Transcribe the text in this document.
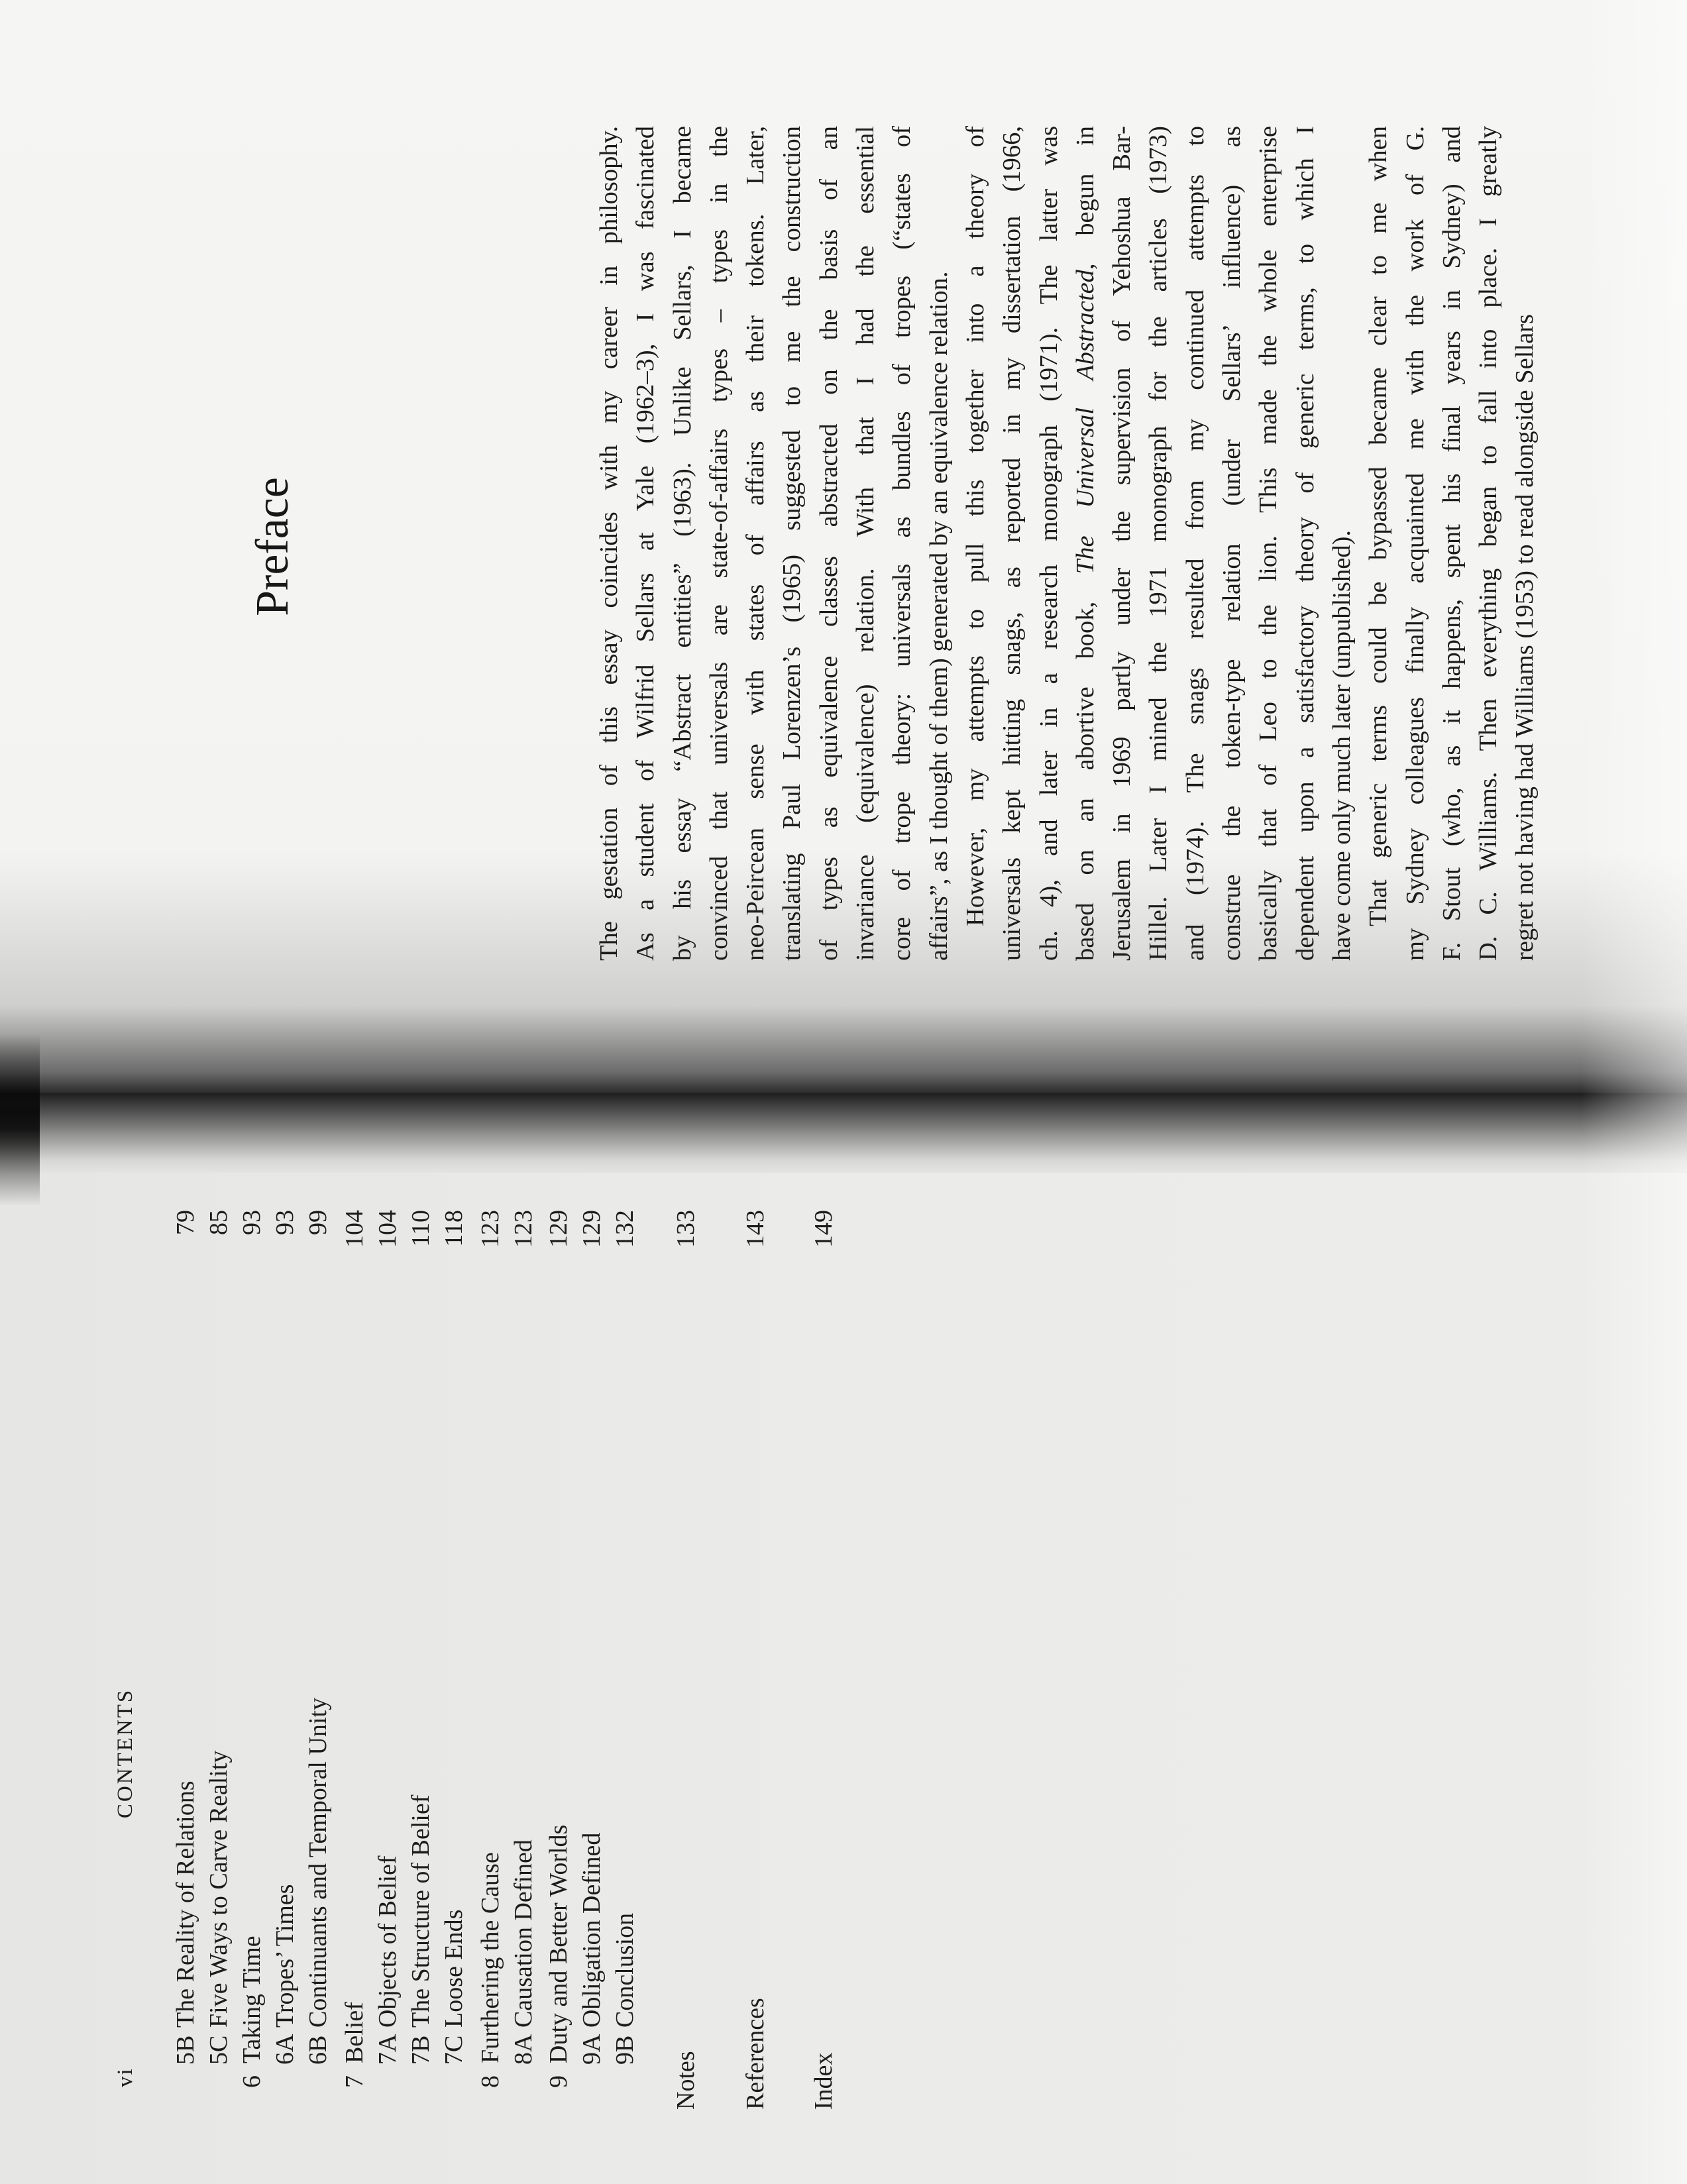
Preface	The gestation of this essay coincides with my career in philosophy. As a student of Wilfrid Sellars at Yale (1962–3), I was fascinated by his essay “Abstract entities” (1963). Unlike Sellars, I became convinced that universals are state-of-affairs types – types in the neo-Peircean sense with states of affairs as their tokens. Later, translating Paul Lorenzen’s (1965) suggested to me the construction of types as equivalence classes abstracted on the basis of an invariance (equivalence) relation. With that I had the essential core of trope theory: universals as bundles of tropes (“states of affairs”, as I thought of them) generated by an equivalence relation. However, my attempts to pull this together into a theory of universals kept hitting snags, as reported in my dissertation (1966, ch. 4), and later in a research monograph (1971). The latter was based on an abortive book, The Universal Abstracted, begun in Jerusalem in 1969 partly under the supervision of Yehoshua Bar- Hillel. Later I mined the 1971 monograph for the articles (1973) and (1974). The snags resulted from my continued attempts to construe the token-type relation (under Sellars’ influence) as basically that of Leo to the lion. This made the whole enterprise dependent upon a satisfactory theory of generic terms, to which I have come only much later (unpublished). That generic terms could be bypassed became clear to me when my Sydney colleagues finally acquainted me with the work of G. F. Stout (who, as it happens, spent his final years in Sydney) and D. C. Williams. Then everything began to fall into place. I greatly regret not having had Williams (1953) to read alongside Sellars

vi
CONTENTS
5B
The Reality of Relations
79
5C
Five Ways to Carve Reality
85
6
Taking Time
93
6A
Tropes’ Times
93
6B
Continuants and Temporal Unity
99
7
Belief
104
7A
Objects of Belief
104
7B
The Structure of Belief
110
7C
Loose Ends
118
8
Furthering the Cause
123
8A
Causation Defined
123
9
Duty and Better Worlds
129
9A
Obligation Defined
129
9B
Conclusion
132
Notes
133
References
143
Index
149
